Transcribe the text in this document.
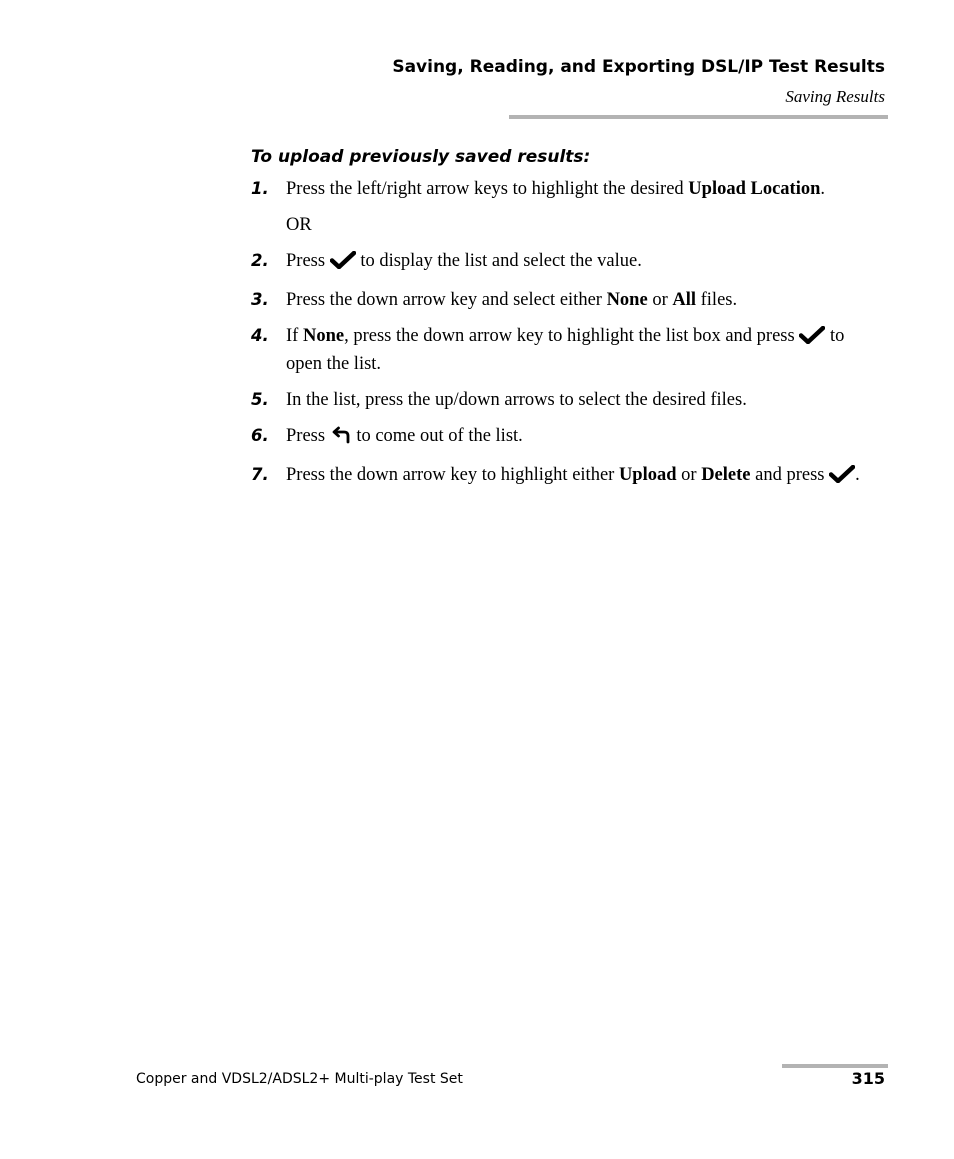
Saving, Reading, and Exporting DSL/IP Test Results
Saving Results
To upload previously saved results:
1. Press the left/right arrow keys to highlight the desired Upload Location.
OR
2. Press  to display the list and select the value.
3. Press the down arrow key and select either None or All files.
4. If None, press the down arrow key to highlight the list box and press  to open the list.
5. In the list, press the up/down arrows to select the desired files.
6. Press  to come out of the list.
7. Press the down arrow key to highlight either Upload or Delete and press .
Copper and VDSL2/ADSL2+ Multi-play Test Set	315
